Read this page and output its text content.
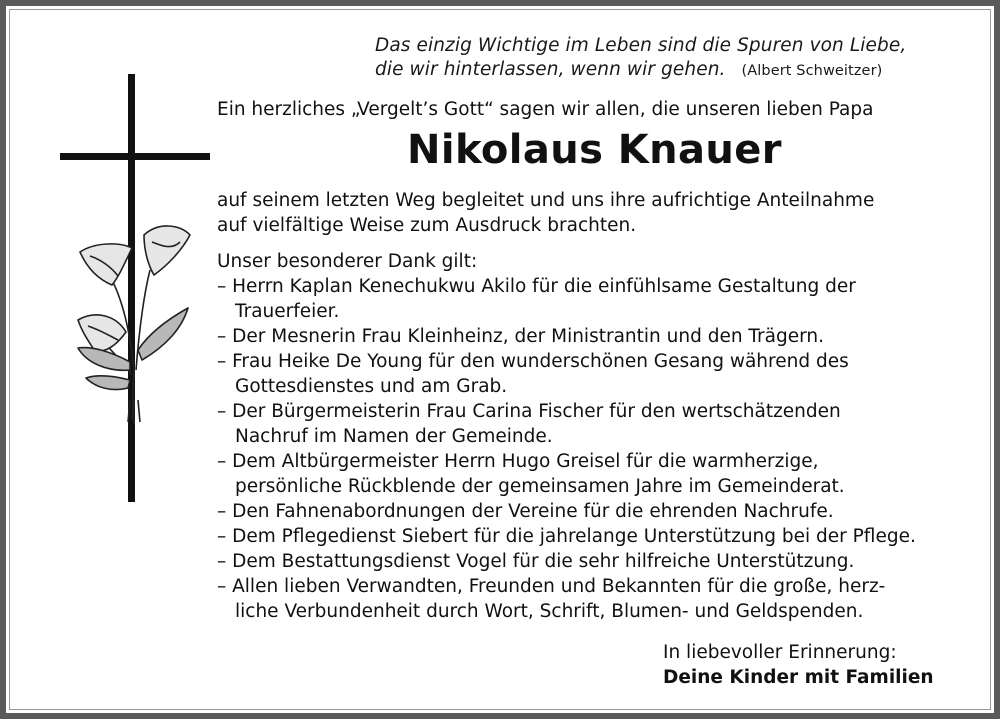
Das einzig Wichtige im Leben sind die Spuren von Liebe,
die wir hinterlassen, wenn wir gehen. (Albert Schweitzer)
Ein herzliches „Vergelt’s Gott“ sagen wir allen, die unseren lieben Papa
Nikolaus Knauer
auf seinem letzten Weg begleitet und uns ihre aufrichtige Anteilnahme
auf vielfältige Weise zum Ausdruck brachten.
Unser besonderer Dank gilt:
– Herrn Kaplan Kenechukwu Akilo für die einfühlsame Gestaltung der
Trauerfeier.
– Der Mesnerin Frau Kleinheinz, der Ministrantin und den Trägern.
– Frau Heike De Young für den wunderschönen Gesang während des
Gottesdienstes und am Grab.
– Der Bürgermeisterin Frau Carina Fischer für den wertschätzenden
Nachruf im Namen der Gemeinde.
– Dem Altbürgermeister Herrn Hugo Greisel für die warmherzige,
persönliche Rückblende der gemeinsamen Jahre im Gemeinderat.
– Den Fahnenabordnungen der Vereine für die ehrenden Nachrufe.
– Dem Pflegedienst Siebert für die jahrelange Unterstützung bei der Pflege.
– Dem Bestattungsdienst Vogel für die sehr hilfreiche Unterstützung.
– Allen lieben Verwandten, Freunden und Bekannten für die große, herz-
liche Verbundenheit durch Wort, Schrift, Blumen- und Geldspenden.
In liebevoller Erinnerung:
Deine Kinder mit Familien
